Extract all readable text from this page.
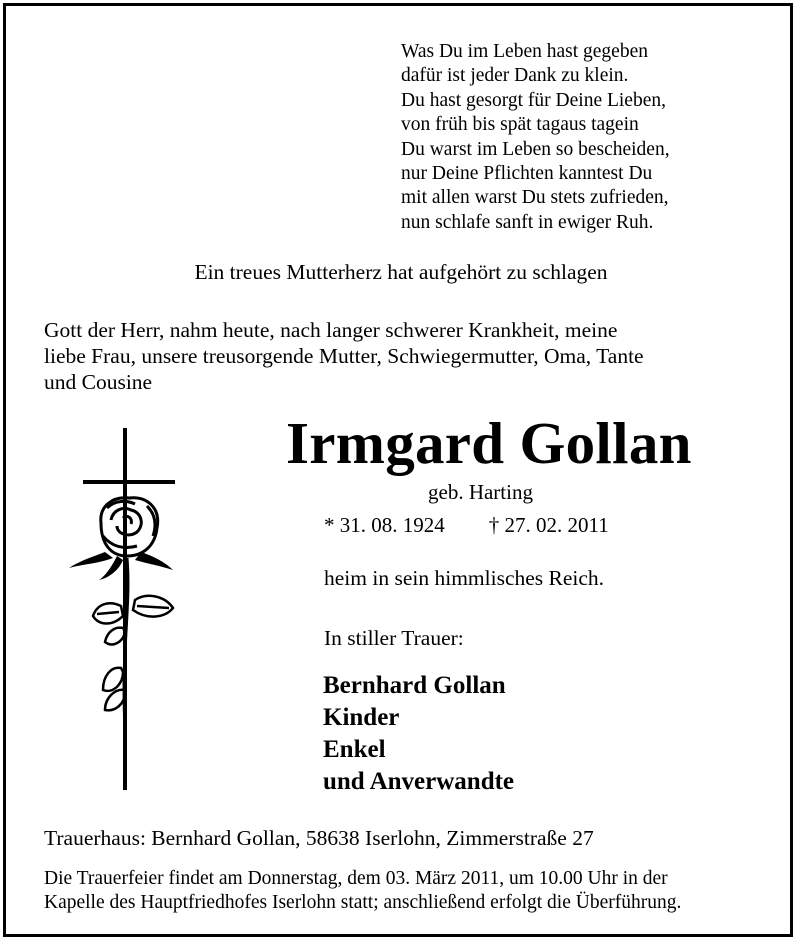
Was Du im Leben hast gegeben
dafür ist jeder Dank zu klein.
Du hast gesorgt für Deine Lieben,
von früh bis spät tagaus tagein
Du warst im Leben so bescheiden,
nur Deine Pflichten kanntest Du
mit allen warst Du stets zufrieden,
nun schlafe sanft in ewiger Ruh.
Ein treues Mutterherz hat aufgehört zu schlagen
Gott der Herr, nahm heute, nach langer schwerer Krankheit, meine
liebe Frau, unsere treusorgende Mutter, Schwiegermutter, Oma, Tante
und Cousine
Irmgard Gollan
geb. Harting
* 31. 08. 1924 † 27. 02. 2011
heim in sein himmlisches Reich.
In stiller Trauer:
Bernhard Gollan
Kinder
Enkel
und Anverwandte
Trauerhaus: Bernhard Gollan, 58638 Iserlohn, Zimmerstraße 27
Die Trauerfeier findet am Donnerstag, dem 03. März 2011, um 10.00 Uhr in der
Kapelle des Hauptfriedhofes Iserlohn statt; anschließend erfolgt die Überführung.
